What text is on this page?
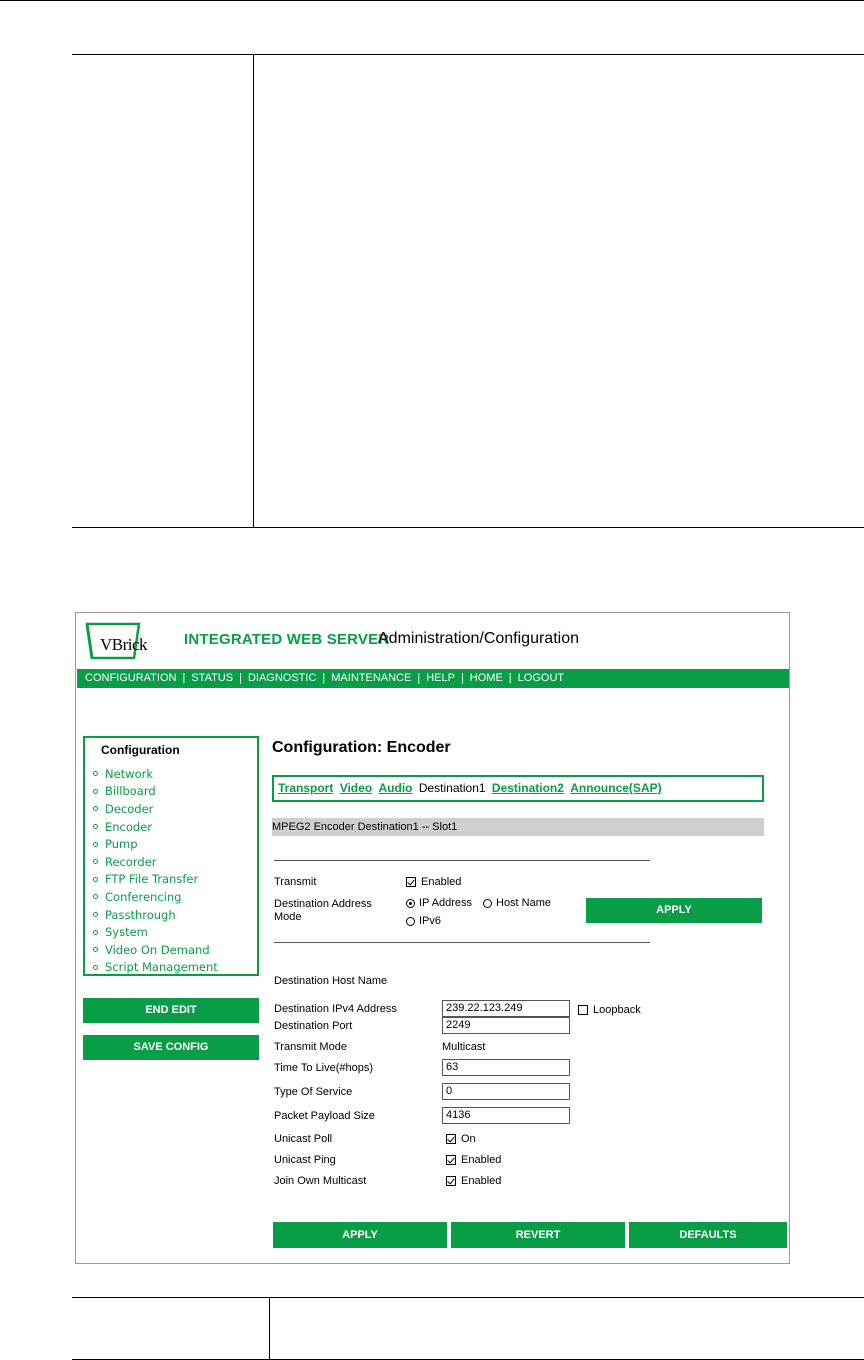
VBrick INTEGRATED WEB SERVER
Administration/Configuration
CONFIGURATION | STATUS | DIAGNOSTIC | MAINTENANCE | HELP | HOME | LOGOUT
Configuration
Network
Billboard
Decoder
Encoder
Pump
Recorder
FTP File Transfer
Conferencing
Passthrough
System
Video On Demand
Script Management
END EDIT
SAVE CONFIG
Configuration: Encoder
Transport Video Audio Destination1 Destination2 Announce(SAP)
MPEG2 Encoder Destination1 -- Slot1
Transmit	Enabled
Destination Address
Mode
IP Address	Host Name
IPv6
APPLY
Destination Host Name
Destination IPv4 Address	239.22.123.249	Loopback
Destination Port	2249
Transmit Mode	Multicast
Time To Live(#hops)	63
Type Of Service	0
Packet Payload Size	4136
Unicast Poll	On
Unicast Ping	Enabled
Join Own Multicast	Enabled
APPLY	REVERT	DEFAULTS
